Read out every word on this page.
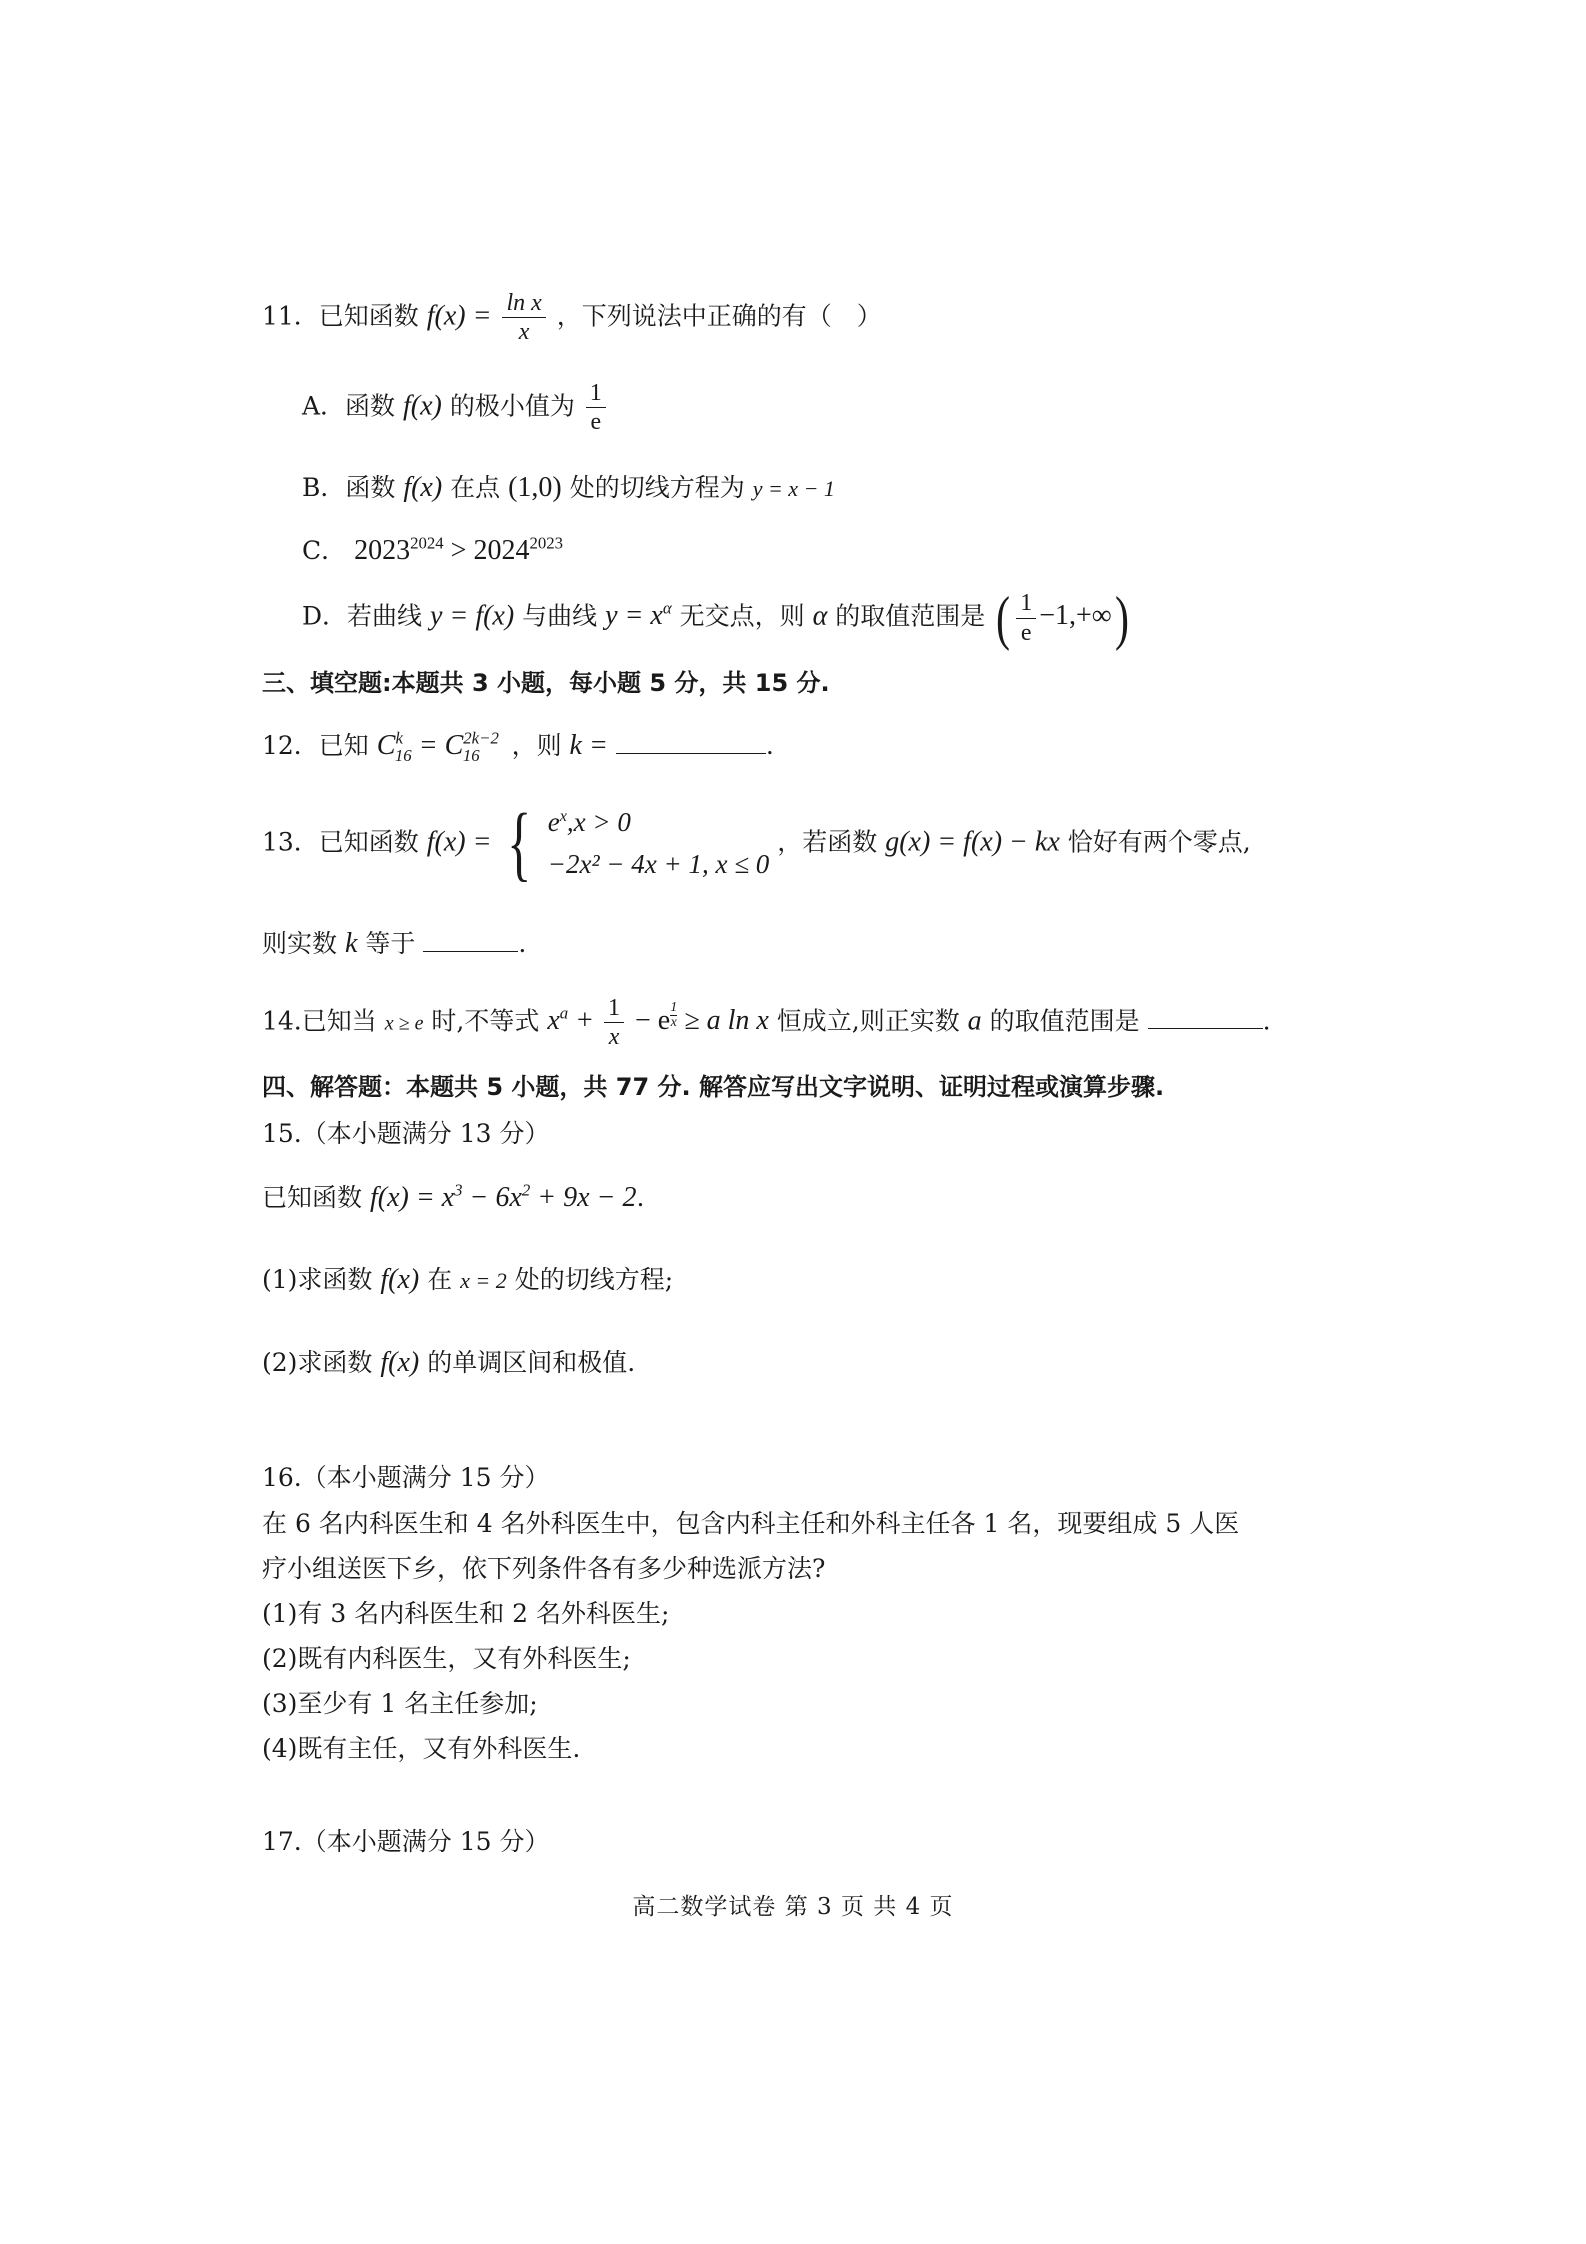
11．已知函数 $f(x) = \frac{\text{ln x}}{x}$ ，下列说法中正确的有（　）
A．函数 f(x) 的极小值为 $\frac{1}{e}$
B．函数 f(x) 在点 (1,0) 处的切线方程为 y = x − 1
C． $2023^{2024} > 2024^{2023}$
D．若曲线 y = f(x) 与曲线 $y = x^\alpha$ 无交点，则 α 的取值范围是 ( $\frac{1}{e} -1,+\infty$)
三、填空题:本题共 3 小题，每小题 5 分，共 15 分.
12．已知 $C^k_{16} = C^{2k-2}_{16}$ ，则 k =	.
13．已知函数 f(x) = { $e^x,x > 0$
−2x² − 4x + 1, x ≤ 0
，若函数 g(x) = f(x) − kx 恰好有两个零点,
则实数 k 等于	.
14.已知当 x ≥ e 时,不等式 $x^a + \frac{1}{x} - e$ $^{\frac{1}{x}}$ ≥ a ln x 恒成立,则正实数 a 的取值范围是	.
四、解答题：本题共 5 小题，共 77 分. 解答应写出文字说明、证明过程或演算步骤.
15.（本小题满分 13 分）
已知函数 $f(x) = x^3 - 6x^2 + 9x - 2$.
(1)求函数 f(x) 在 x = 2 处的切线方程;
(2)求函数 f(x) 的单调区间和极值.
16.（本小题满分 15 分）
在 6 名内科医生和 4 名外科医生中，包含内科主任和外科主任各 1 名，现要组成 5 人医
疗小组送医下乡，依下列条件各有多少种选派方法?
(1)有 3 名内科医生和 2 名外科医生;
(2)既有内科医生，又有外科医生;
(3)至少有 1 名主任参加;
(4)既有主任，又有外科医生.
17.（本小题满分 15 分）
高二数学试卷 第 3 页 共 4 页
